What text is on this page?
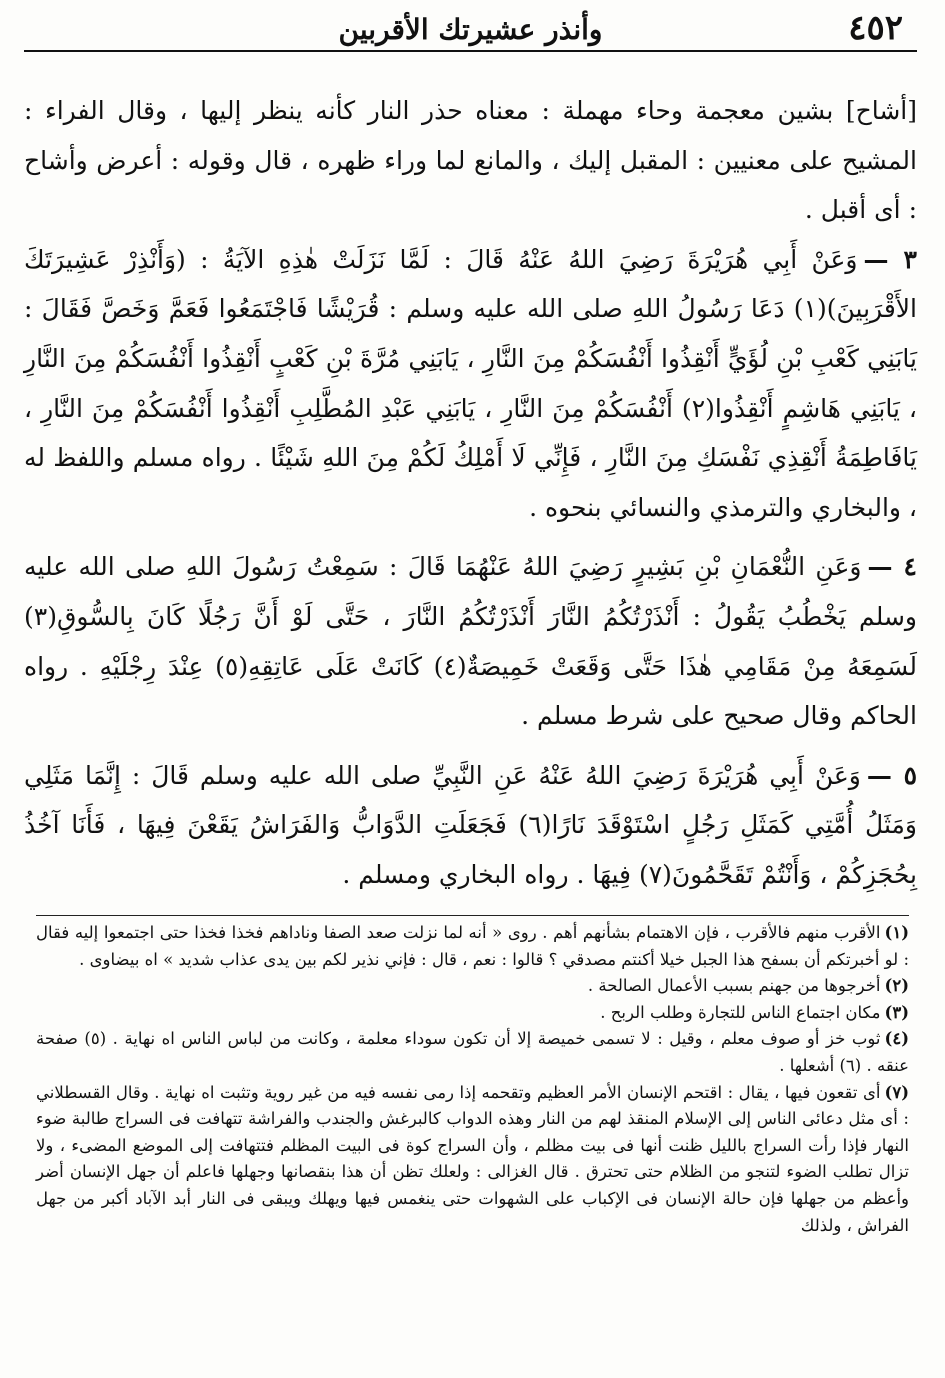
٤٥٢
وأنذر عشيرتك الأقربين

[أشاح] بشين معجمة وحاء مهملة : معناه حذر النار كأنه ينظر إليها ، وقال الفراء : المشيح على معنيين : المقبل إليك ، والمانع لما وراء ظهره ، قال وقوله : أعرض وأشاح : أى أقبل .

٣ —وَعَنْ أَبِي هُرَيْرَةَ رَضِيَ اللهُ عَنْهُ قَالَ : لَمَّا نَزَلَتْ هٰذِهِ الآيَةُ : (وَأَنْذِرْ عَشِيرَتَكَ الأَقْرَبِينَ)(١) دَعَا رَسُولُ اللهِ صلى الله عليه وسلم : قُرَيْشًا فَاجْتَمَعُوا فَعَمَّ وَخَصَّ فَقَالَ : يَابَنِي كَعْبِ بْنِ لُؤَيٍّ أَنْقِذُوا أَنْفُسَكُمْ مِنَ النَّارِ ، يَابَنِي مُرَّةَ بْنِ كَعْبٍ أَنْقِذُوا أَنْفُسَكُمْ مِنَ النَّارِ ، يَابَنِي هَاشِمٍ أَنْقِذُوا(٢) أَنْفُسَكُمْ مِنَ النَّارِ ، يَابَنِي عَبْدِ المُطَّلِبِ أَنْقِذُوا أَنْفُسَكُمْ مِنَ النَّارِ ، يَافَاطِمَةُ أَنْقِذِي نَفْسَكِ مِنَ النَّارِ ، فَإِنِّي لَا أَمْلِكُ لَكُمْ مِنَ اللهِ شَيْئًا . رواه مسلم واللفظ له ، والبخاري والترمذي والنسائي بنحوه .

٤ —وَعَنِ النُّعْمَانِ بْنِ بَشِيرٍ رَضِيَ اللهُ عَنْهُمَا قَالَ : سَمِعْتُ رَسُولَ اللهِ صلى الله عليه وسلم يَخْطُبُ يَقُولُ : أَنْذَرْتُكُمُ النَّارَ أَنْذَرْتُكُمُ النَّارَ ، حَتَّى لَوْ أَنَّ رَجُلًا كَانَ بِالسُّوقِ(٣) لَسَمِعَهُ مِنْ مَقَامِي هٰذَا حَتَّى وَقَعَتْ خَمِيصَةٌ(٤) كَانَتْ عَلَى عَاتِقِهِ(٥) عِنْدَ رِجْلَيْهِ . رواه الحاكم وقال صحيح على شرط مسلم .

٥ —وَعَنْ أَبِي هُرَيْرَةَ رَضِيَ اللهُ عَنْهُ عَنِ النَّبِيِّ صلى الله عليه وسلم قَالَ : إِنَّمَا مَثَلِي وَمَثَلُ أُمَّتِي كَمَثَلِ رَجُلٍ اسْتَوْقَدَ نَارًا(٦) فَجَعَلَتِ الدَّوَابُّ وَالفَرَاشُ يَقَعْنَ فِيهَا ، فَأَنَا آخُذُ بِحُجَزِكُمْ ، وَأَنْتُمْ تَقَحَّمُونَ(٧) فِيهَا . رواه البخاري ومسلم .

(١)الأقرب منهم فالأقرب ، فإن الاهتمام بشأنهم أهم . روى « أنه لما نزلت صعد الصفا وناداهم فخذا فخذا حتى اجتمعوا إليه فقال : لو أخبرتكم أن بسفح هذا الجبل خيلا أكنتم مصدقي ؟ قالوا : نعم ، قال : فإني نذير لكم بين يدى عذاب شديد » اه بيضاوى .

(٢)أخرجوها من جهنم بسبب الأعمال الصالحة .

(٣)مكان اجتماع الناس للتجارة وطلب الربح .

(٤)ثوب خز أو صوف معلم ، وقيل : لا تسمى خميصة إلا أن تكون سوداء معلمة ، وكانت من لباس الناس اه نهاية . (٥) صفحة عنقه . (٦) أشعلها .

(٧)أى تقعون فيها ، يقال : اقتحم الإنسان الأمر العظيم وتقحمه إذا رمى نفسه فيه من غير روية وتثبت اه نهاية . وقال القسطلاني : أى مثل دعائى الناس إلى الإسلام المنقذ لهم من النار وهذه الدواب كالبرغش والجندب والفراشة تتهافت فى السراج طالبة ضوء النهار فإذا رأت السراج بالليل ظنت أنها فى بيت مظلم ، وأن السراج كوة فى البيت المظلم فتتهافت إلى الموضع المضىء ، ولا تزال تطلب الضوء لتنجو من الظلام حتى تحترق . قال الغزالى : ولعلك تظن أن هذا بنقصانها وجهلها فاعلم أن جهل الإنسان أضر وأعظم من جهلها فإن حالة الإنسان فى الإكباب على الشهوات حتى ينغمس فيها ويهلك ويبقى فى النار أبد الآباد أكبر من جهل الفراش ، ولذلك
